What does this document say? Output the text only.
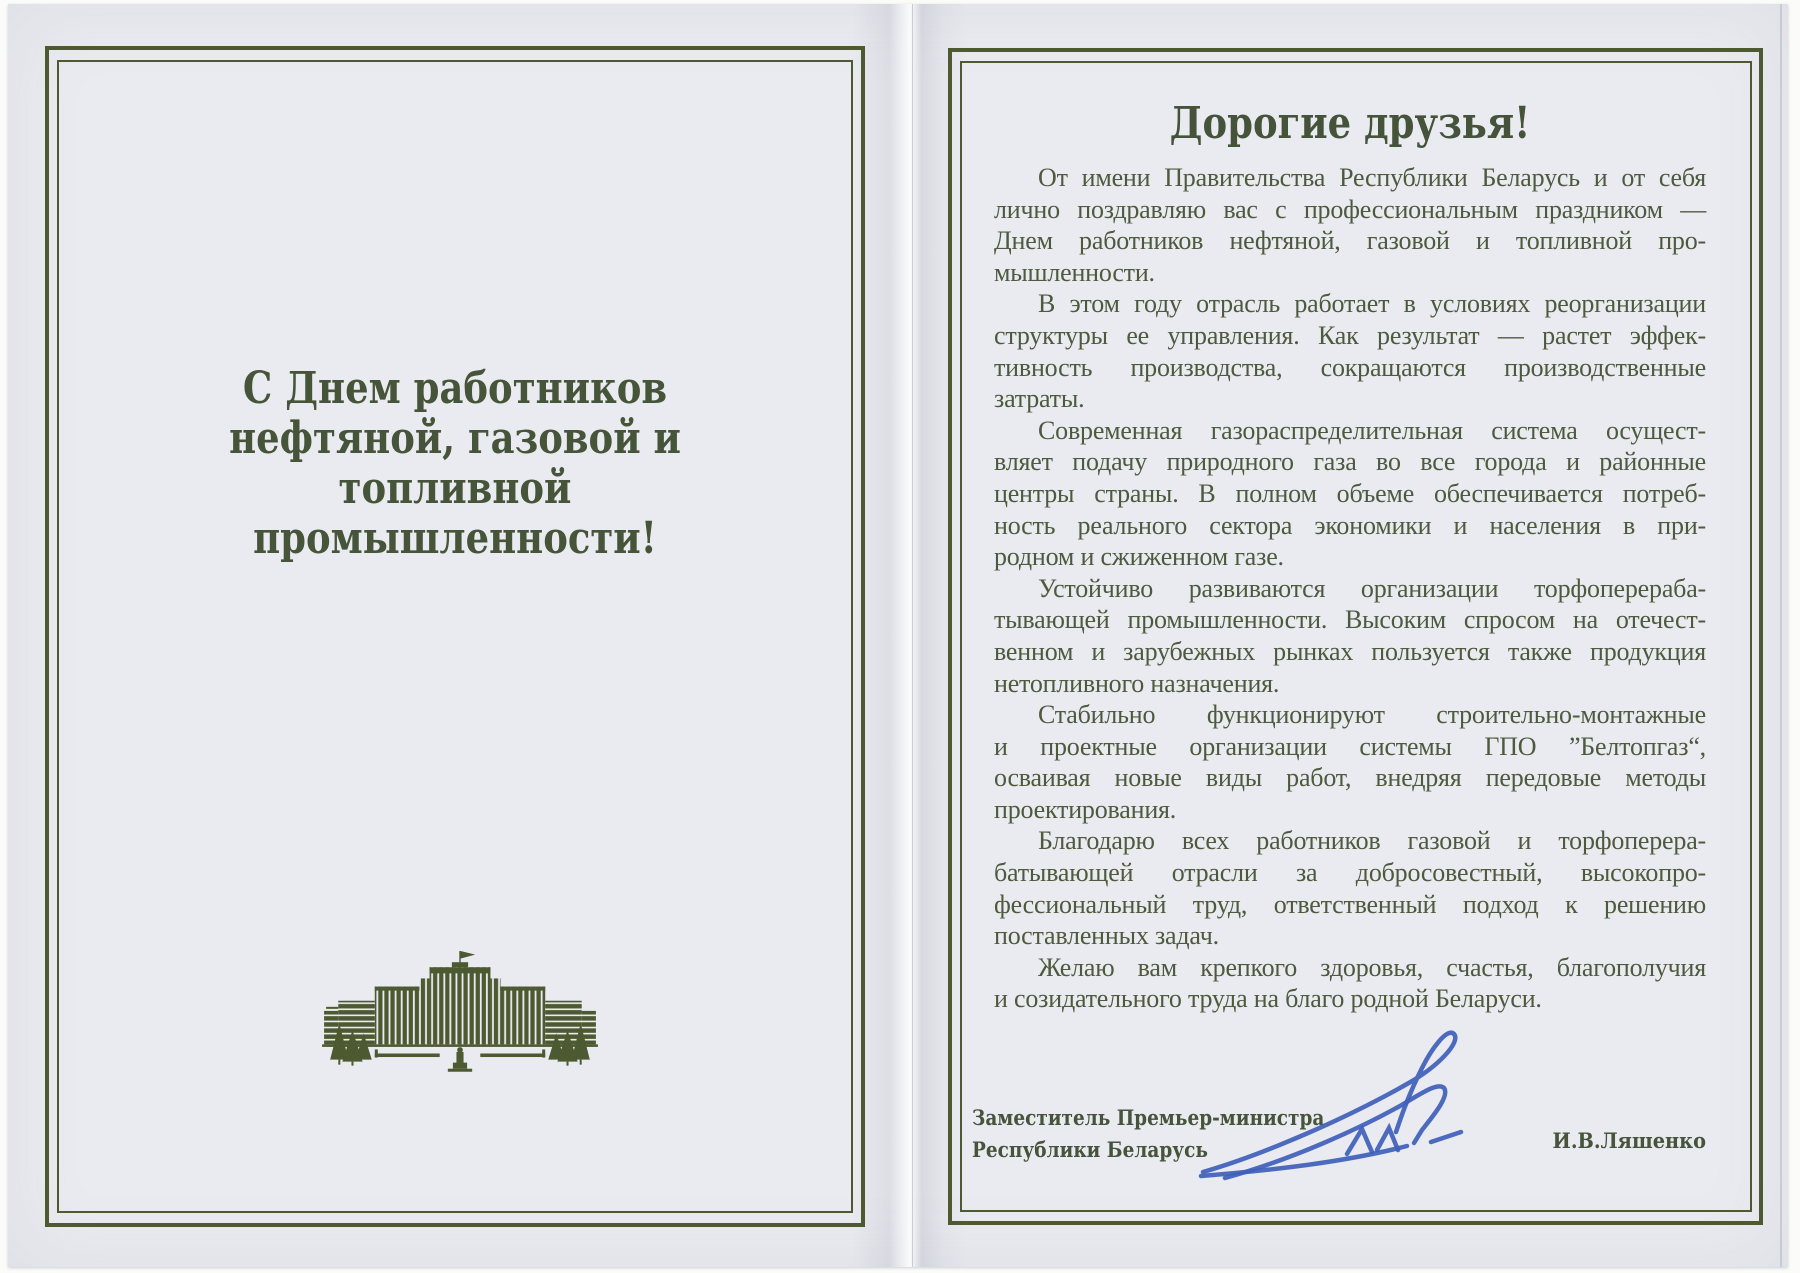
С Днем работников
нефтяной, газовой и топливной
промышленности!
Дорогие друзья!
От имени Правительства Республики Беларусь и от себя
лично поздравляю вас с профессиональным праздником —
Днем работников нефтяной, газовой и топливной про-
мышленности.
В этом году отрасль работает в условиях реорганизации
структуры ее управления. Как результат — растет эффек-
тивность производства, сокращаются производственные
затраты.
Современная газораспределительная система осущест-
вляет подачу природного газа во все города и районные
центры страны. В полном объеме обеспечивается потреб-
ность реального сектора экономики и населения в при-
родном и сжиженном газе.
Устойчиво развиваются организации торфоперераба-
тывающей промышленности. Высоким спросом на отечест-
венном и зарубежных рынках пользуется также продукция
нетопливного назначения.
Стабильно функционируют строительно-монтажные
и проектные организации системы ГПО ”Белтопгаз“,
осваивая новые виды работ, внедряя передовые методы
проектирования.
Благодарю всех работников газовой и торфоперера-
батывающей отрасли за добросовестный, высокопро-
фессиональный труд, ответственный подход к решению
поставленных задач.
Желаю вам крепкого здоровья, счастья, благополучия
и созидательного труда на благо родной Беларуси.
Заместитель Премьер-министра
Республики Беларусь	И.В.Ляшенко
